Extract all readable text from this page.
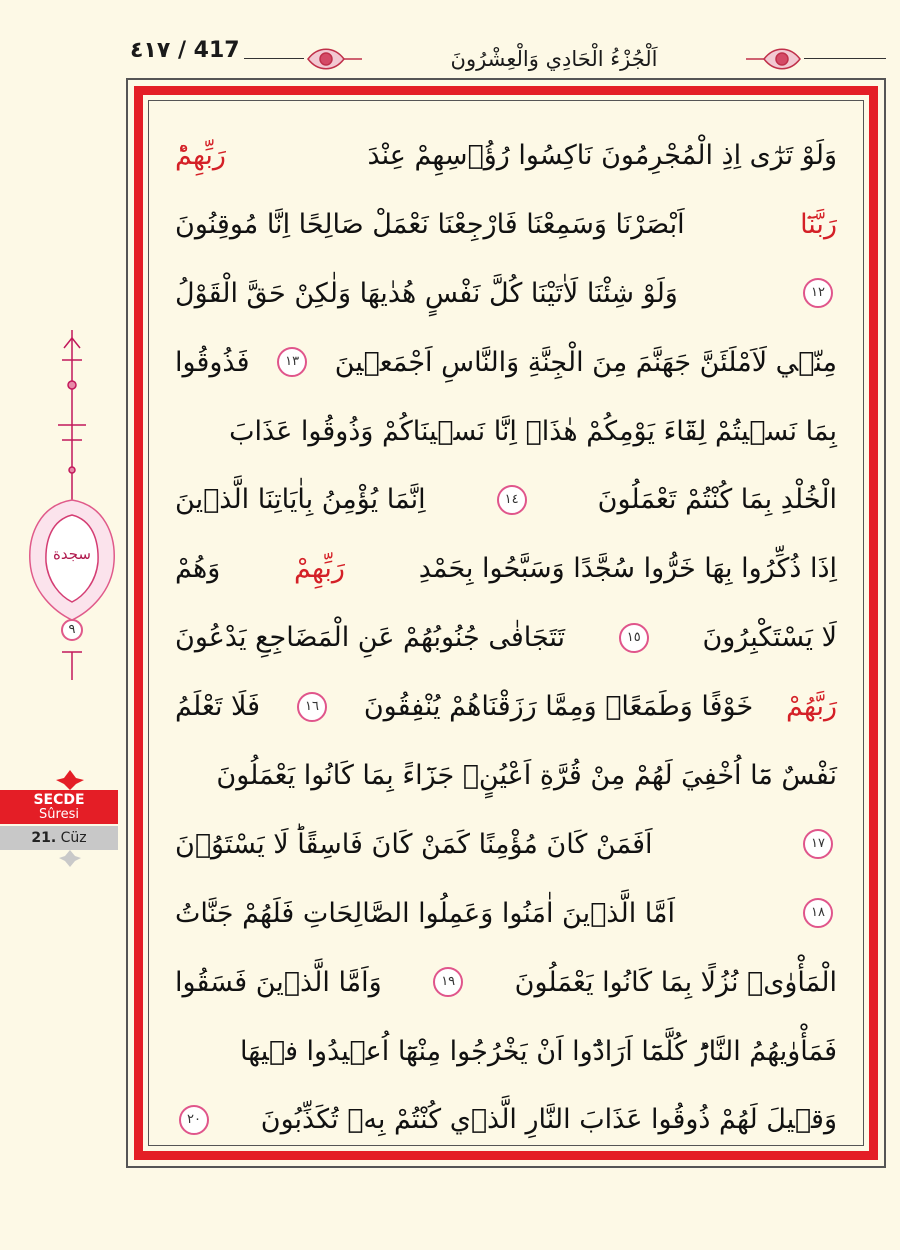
٤١٧ / 417	اَلْجُزْءُ الْحَادِي وَالْعِشْرُونَ
سجدة
٩
SECDE
Sûresi
21. Cüz
وَلَوْ تَرٰٓى اِذِ الْمُجْرِمُونَ نَاكِسُوا رُؤُ۫سِهِمْ عِنْدَ
رَبِّهِمْؕ
رَبَّنَٓا
اَبْصَرْنَا وَسَمِعْنَا فَارْجِعْنَا نَعْمَلْ صَالِحًا اِنَّا مُوقِنُونَ
١٢
وَلَوْ شِئْنَا لَاٰتَيْنَا كُلَّ نَفْسٍ هُدٰيهَا وَلٰكِنْ حَقَّ الْقَوْلُ
مِنّ۪ي لَاَمْلَئَنَّ جَهَنَّمَ مِنَ الْجِنَّةِ وَالنَّاسِ اَجْمَع۪ينَ
١٣
فَذُوقُوا
بِمَا نَس۪يتُمْ لِقَٓاءَ يَوْمِكُمْ هٰذَاۚ اِنَّا نَس۪ينَاكُمْ وَذُوقُوا عَذَابَ
الْخُلْدِ بِمَا كُنْتُمْ تَعْمَلُونَ
١٤
اِنَّمَا يُؤْمِنُ بِاٰيَاتِنَا الَّذ۪ينَ
اِذَا ذُكِّرُوا بِهَا خَرُّوا سُجَّدًا وَسَبَّحُوا بِحَمْدِ
رَبِّهِمْ
وَهُمْ
لَا يَسْتَكْبِرُونَ
١٥
تَتَجَافٰى جُنُوبُهُمْ عَنِ الْمَضَاجِعِ يَدْعُونَ
رَبَّهُمْ
خَوْفًا وَطَمَعًاۘ وَمِمَّا رَزَقْنَاهُمْ يُنْفِقُونَ
١٦
فَلَا تَعْلَمُ
نَفْسٌ مَٓا اُخْفِيَ لَهُمْ مِنْ قُرَّةِ اَعْيُنٍۚ جَزَٓاءً بِمَا كَانُوا يَعْمَلُونَ
١٧
اَفَمَنْ كَانَ مُؤْمِنًا كَمَنْ كَانَ فَاسِقًاؕ لَا يَسْتَوُ۫نَ
١٨
اَمَّا الَّذ۪ينَ اٰمَنُوا وَعَمِلُوا الصَّالِحَاتِ فَلَهُمْ جَنَّاتُ
الْمَأْوٰىۘ نُزُلًا بِمَا كَانُوا يَعْمَلُونَ
١٩
وَاَمَّا الَّذ۪ينَ فَسَقُوا
فَمَأْوٰيهُمُ النَّارُؕ كُلَّمَٓا اَرَادُٓوا اَنْ يَخْرُجُوا مِنْهَٓا اُع۪يدُوا ف۪يهَا
وَق۪يلَ لَهُمْ ذُوقُوا عَذَابَ النَّارِ الَّذ۪ي كُنْتُمْ بِه۪ تُكَذِّبُونَ
٢٠
